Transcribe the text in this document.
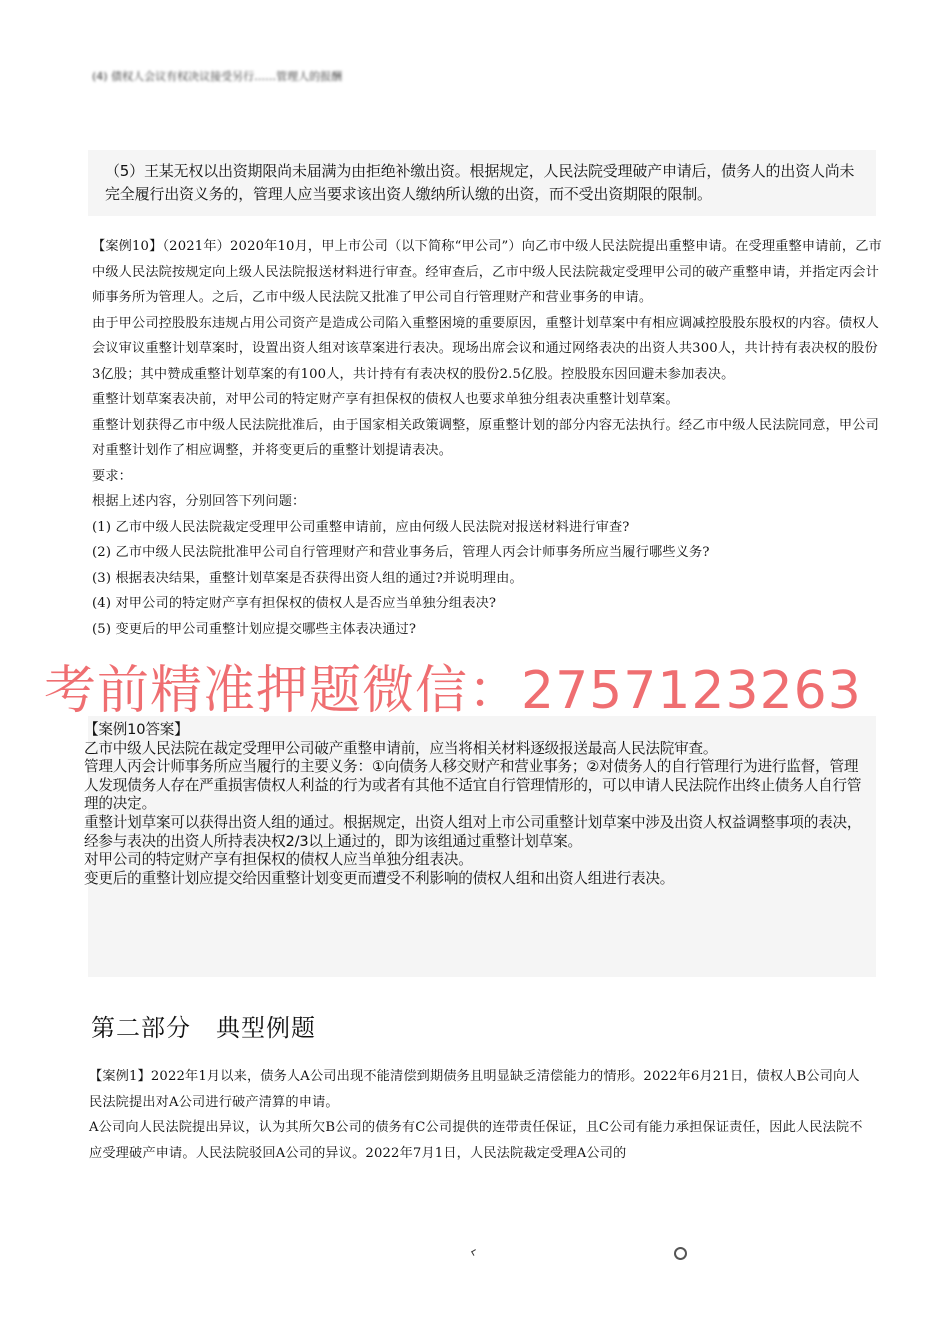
(4) 债权人会议有权决议接受另行……管理人的报酬
（5）王某无权以出资期限尚未届满为由拒绝补缴出资。根据规定，人民法院受理破产申请后，债务人的出资人尚未完全履行出资义务的，管理人应当要求该出资人缴纳所认缴的出资，而不受出资期限的限制。

【案例10】（2021年）2020年10月，甲上市公司（以下简称“甲公司”）向乙市中级人民法院提出重整申请。在受理重整申请前，乙市中级人民法院按规定向上级人民法院报送材料进行审查。经审查后，乙市中级人民法院裁定受理甲公司的破产重整申请，并指定丙会计师事务所为管理人。之后，乙市中级人民法院又批准了甲公司自行管理财产和营业事务的申请。

由于甲公司控股股东违规占用公司资产是造成公司陷入重整困境的重要原因，重整计划草案中有相应调减控股股东股权的内容。债权人会议审议重整计划草案时，设置出资人组对该草案进行表决。现场出席会议和通过网络表决的出资人共300人，共计持有表决权的股份3亿股；其中赞成重整计划草案的有100人，共计持有有表决权的股份2.5亿股。控股股东因回避未参加表决。

重整计划草案表决前，对甲公司的特定财产享有担保权的债权人也要求单独分组表决重整计划草案。

重整计划获得乙市中级人民法院批准后，由于国家相关政策调整，原重整计划的部分内容无法执行。经乙市中级人民法院同意，甲公司对重整计划作了相应调整，并将变更后的重整计划提请表决。

要求：

根据上述内容，分别回答下列问题：

(1) 乙市中级人民法院裁定受理甲公司重整申请前，应由何级人民法院对报送材料进行审查?

(2) 乙市中级人民法院批准甲公司自行管理财产和营业事务后，管理人丙会计师事务所应当履行哪些义务?

(3) 根据表决结果，重整计划草案是否获得出资人组的通过?并说明理由。

(4) 对甲公司的特定财产享有担保权的债权人是否应当单独分组表决?

(5) 变更后的甲公司重整计划应提交哪些主体表决通过?

【案例10答案】

乙市中级人民法院在裁定受理甲公司破产重整申请前，应当将相关材料逐级报送最高人民法院审查。

管理人丙会计师事务所应当履行的主要义务：①向债务人移交财产和营业事务；②对债务人的自行管理行为进行监督，管理人发现债务人存在严重损害债权人利益的行为或者有其他不适宜自行管理情形的，可以申请人民法院作出终止债务人自行管理的决定。

重整计划草案可以获得出资人组的通过。根据规定，出资人组对上市公司重整计划草案中涉及出资人权益调整事项的表决，经参与表决的出资人所持表决权2/3以上通过的，即为该组通过重整计划草案。

对甲公司的特定财产享有担保权的债权人应当单独分组表决。

变更后的重整计划应提交给因重整计划变更而遭受不利影响的债权人组和出资人组进行表决。

第二部分　典型例题

【案例1】2022年1月以来，债务人A公司出现不能清偿到期债务且明显缺乏清偿能力的情形。2022年6月21日，债权人B公司向人民法院提出对A公司进行破产清算的申请。

A公司向人民法院提出异议，认为其所欠B公司的债务有C公司提供的连带责任保证，且C公司有能力承担保证责任，因此人民法院不应受理破产申请。人民法院驳回A公司的异议。2022年7月1日，人民法院裁定受理A公司的

考前精准押题微信：2757123263
